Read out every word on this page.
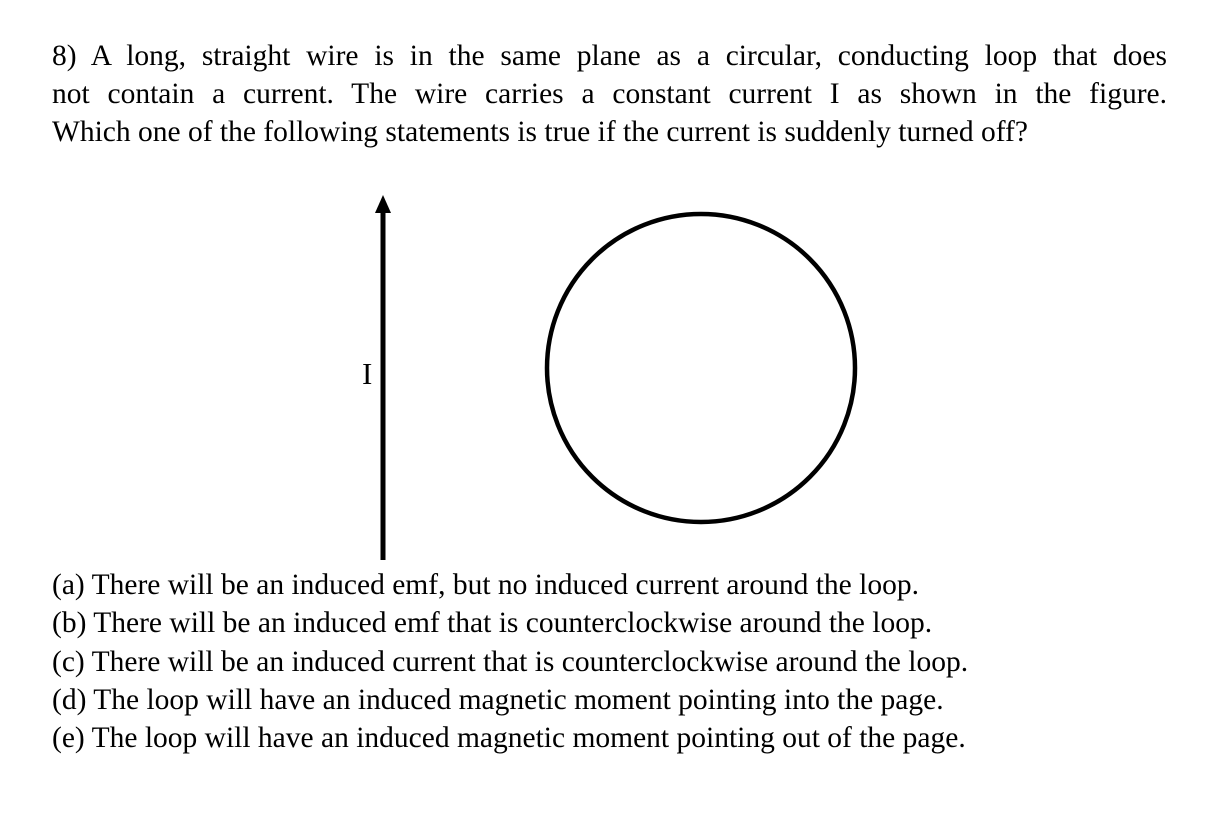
8) A long, straight wire is in the same plane as a circular, conducting loop that does
not contain a current. The wire carries a constant current I as shown in the figure.
Which one of the following statements is true if the current is suddenly turned off?
I
(a) There will be an induced emf, but no induced current around the loop.
(b) There will be an induced emf that is counterclockwise around the loop.
(c) There will be an induced current that is counterclockwise around the loop.
(d) The loop will have an induced magnetic moment pointing into the page.
(e) The loop will have an induced magnetic moment pointing out of the page.
